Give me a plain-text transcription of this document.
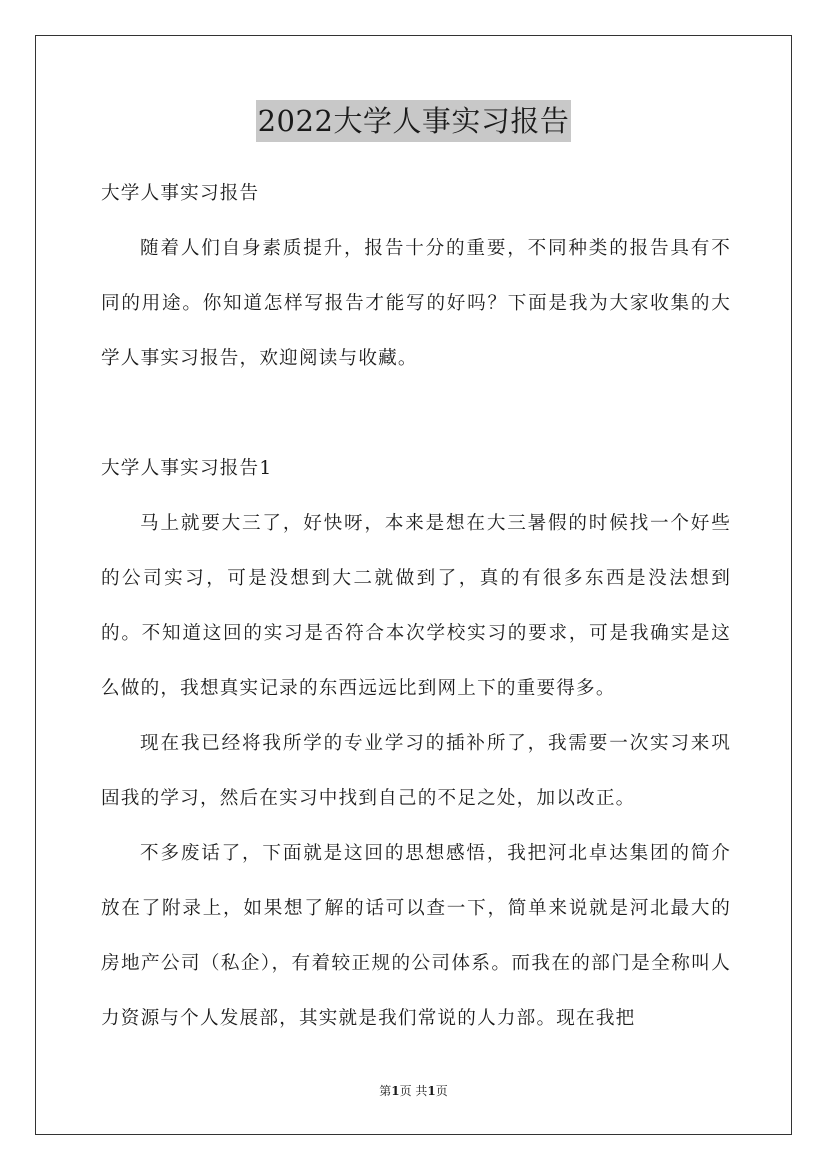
2022大学人事实习报告

大学人事实习报告

随着人们自身素质提升，报告十分的重要，不同种类的报告具有不同的用途。你知道怎样写报告才能写的好吗？下面是我为大家收集的大学人事实习报告，欢迎阅读与收藏。

大学人事实习报告1

马上就要大三了，好快呀，本来是想在大三暑假的时候找一个好些的公司实习，可是没想到大二就做到了，真的有很多东西是没法想到的。不知道这回的实习是否符合本次学校实习的要求，可是我确实是这么做的，我想真实记录的东西远远比到网上下的重要得多。

现在我已经将我所学的专业学习的插补所了，我需要一次实习来巩固我的学习，然后在实习中找到自己的不足之处，加以改正。

不多废话了，下面就是这回的思想感悟，我把河北卓达集团的简介放在了附录上，如果想了解的话可以查一下，简单来说就是河北最大的房地产公司（私企），有着较正规的公司体系。而我在的部门是全称叫人力资源与个人发展部，其实就是我们常说的人力部。现在我把

第1页 共1页
